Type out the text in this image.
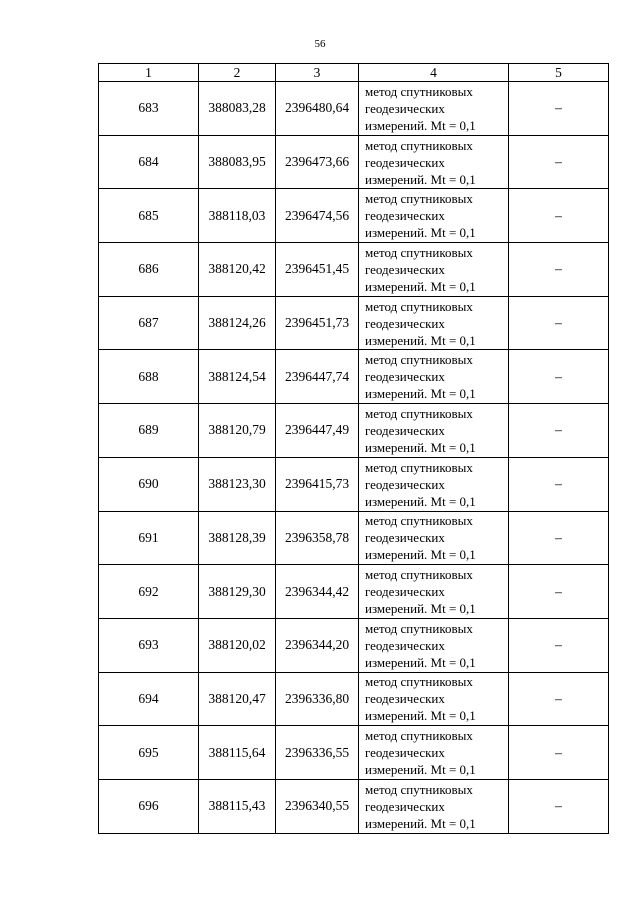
56
1	2	3	4	5
683	388083,28	2396480,64	метод спутниковых
геодезических
измерений. Mt = 0,1	–
684	388083,95	2396473,66	метод спутниковых
геодезических
измерений. Mt = 0,1	–
685	388118,03	2396474,56	метод спутниковых
геодезических
измерений. Mt = 0,1	–
686	388120,42	2396451,45	метод спутниковых
геодезических
измерений. Mt = 0,1	–
687	388124,26	2396451,73	метод спутниковых
геодезических
измерений. Mt = 0,1	–
688	388124,54	2396447,74	метод спутниковых
геодезических
измерений. Mt = 0,1	–
689	388120,79	2396447,49	метод спутниковых
геодезических
измерений. Mt = 0,1	–
690	388123,30	2396415,73	метод спутниковых
геодезических
измерений. Mt = 0,1	–
691	388128,39	2396358,78	метод спутниковых
геодезических
измерений. Mt = 0,1	–
692	388129,30	2396344,42	метод спутниковых
геодезических
измерений. Mt = 0,1	–
693	388120,02	2396344,20	метод спутниковых
геодезических
измерений. Mt = 0,1	–
694	388120,47	2396336,80	метод спутниковых
геодезических
измерений. Mt = 0,1	–
695	388115,64	2396336,55	метод спутниковых
геодезических
измерений. Mt = 0,1	–
696	388115,43	2396340,55	метод спутниковых
геодезических
измерений. Mt = 0,1	–
